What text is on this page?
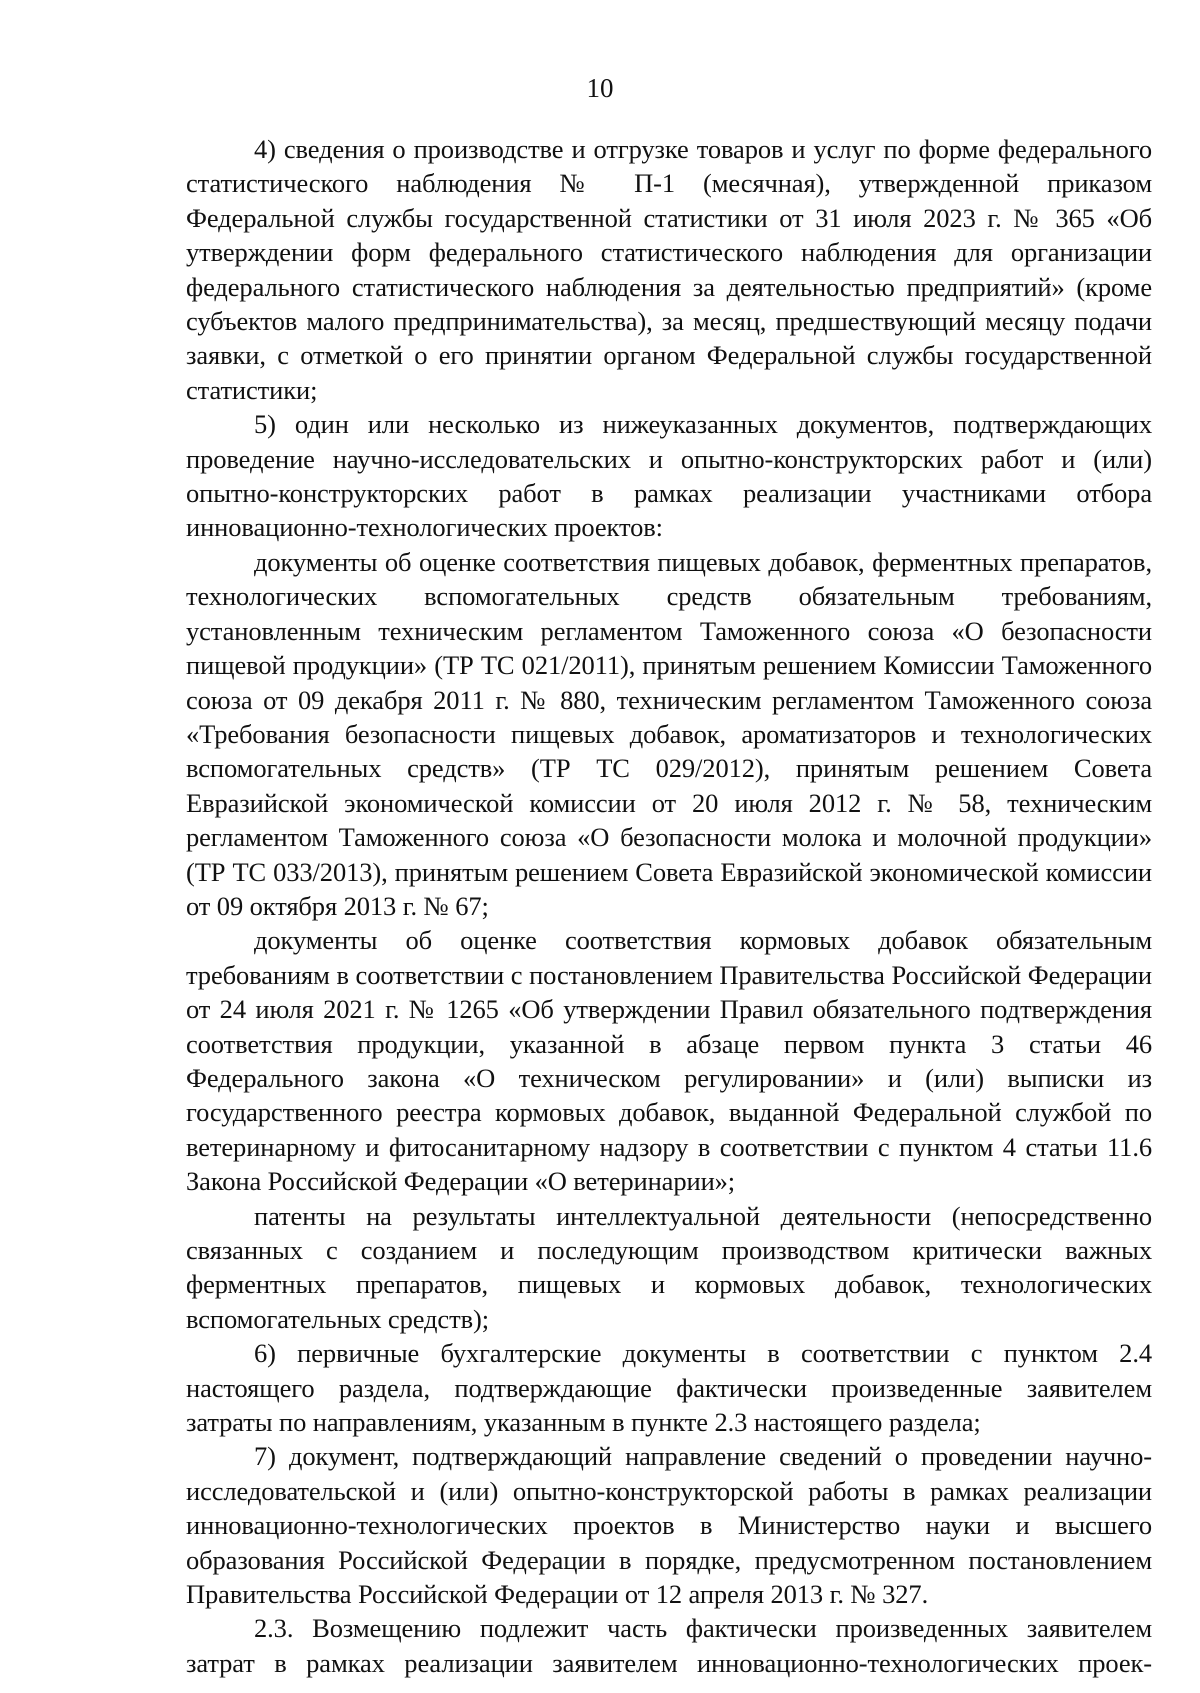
10

4) сведения о производстве и отгрузке товаров и услуг по форме федерального статистического наблюдения № П-1 (месячная), утвержденной приказом Федеральной службы государственной статистики от 31 июля 2023 г. № 365 «Об утверждении форм федерального статистического наблюдения для организации федерального статистического наблюдения за деятельностью предприятий» (кроме субъектов малого предпринимательства), за месяц, предшествующий месяцу подачи заявки, с отметкой о его принятии органом Федеральной службы государственной статистики;

5) один или несколько из нижеуказанных документов, подтверждающих проведение научно-исследовательских и опытно-конструкторских работ и (или) опытно-конструкторских работ в рамках реализации участниками отбора инновационно-технологических проектов:

документы об оценке соответствия пищевых добавок, ферментных препаратов, технологических вспомогательных средств обязательным требованиям, установленным техническим регламентом Таможенного союза «О безопасности пищевой продукции» (ТР ТС 021/2011), принятым решением Комиссии Таможенного союза от 09 декабря 2011 г. № 880, техническим регламентом Таможенного союза «Требования безопасности пищевых добавок, ароматизаторов и технологических вспомогательных средств» (ТР ТС 029/2012), принятым решением Совета Евразийской экономической комиссии от 20 июля 2012 г. № 58, техническим регламентом Таможенного союза «О безопасности молока и молочной продукции» (ТР ТС 033/2013), принятым решением Совета Евразийской экономической комиссии от 09 октября 2013 г. № 67;

документы об оценке соответствия кормовых добавок обязательным требованиям в соответствии с постановлением Правительства Российской Федерации от 24 июля 2021 г. № 1265 «Об утверждении Правил обязательного подтверждения соответствия продукции, указанной в абзаце первом пункта 3 статьи 46 Федерального закона «О техническом регулировании» и (или) выписки из государственного реестра кормовых добавок, выданной Федеральной службой по ветеринарному и фитосанитарному надзору в соответствии с пунктом 4 статьи 11.6 Закона Российской Федерации «О ветеринарии»;

патенты на результаты интеллектуальной деятельности (непосредственно связанных с созданием и последующим производством критически важных ферментных препаратов, пищевых и кормовых добавок, технологических вспомогательных средств);

6) первичные бухгалтерские документы в соответствии с пунктом 2.4 настоящего раздела, подтверждающие фактически произведенные заявителем затраты по направлениям, указанным в пункте 2.3 настоящего раздела;

7) документ, подтверждающий направление сведений о проведении научно-исследовательской и (или) опытно-конструкторской работы в рамках реализации инновационно-технологических проектов в Министерство науки и высшего образования Российской Федерации в порядке, предусмотренном постановлением Правительства Российской Федерации от 12 апреля 2013 г. № 327.

2.3. Возмещению подлежит часть фактически произведенных заявителем затрат в рамках реализации заявителем инновационно-технологических проек-
